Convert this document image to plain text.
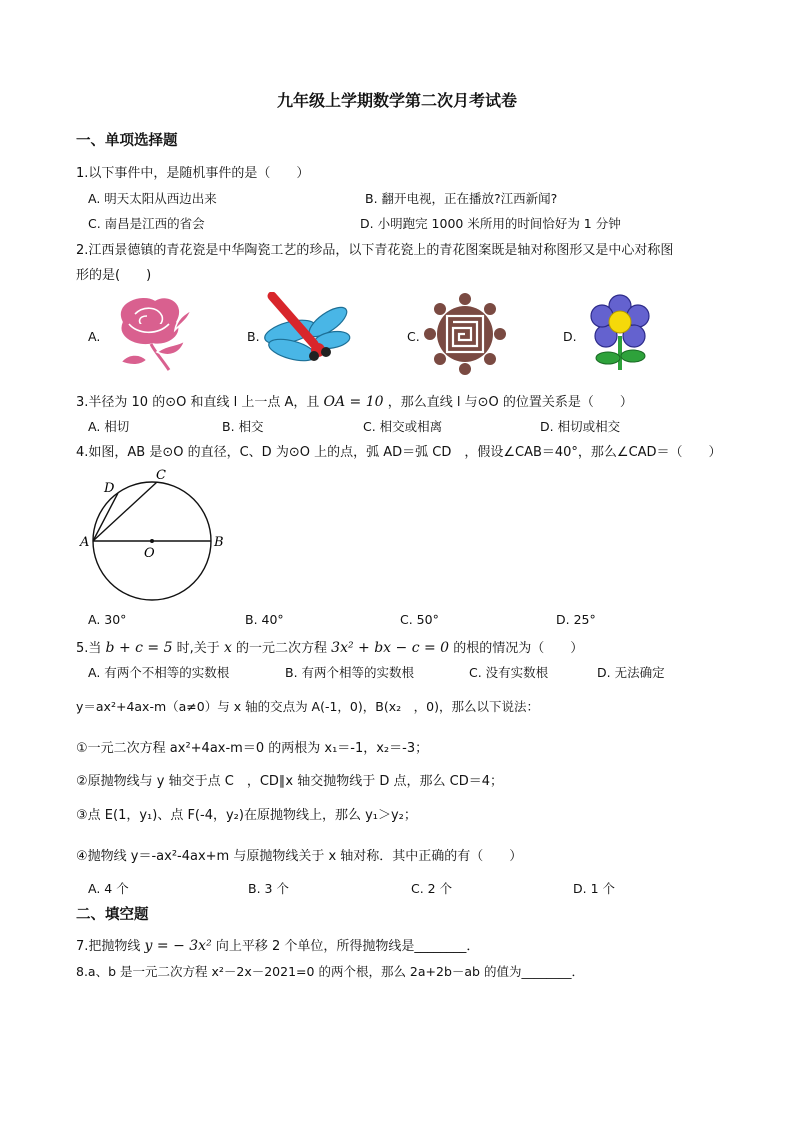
九年级上学期数学第二次月考试卷
一、单项选择题
1.以下事件中，是随机事件的是（　　）
A. 明天太阳从西边出来	B. 翻开电视，正在播放?江西新闻?
C. 南昌是江西的省会	D. 小明跑完 1000 米所用的时间恰好为 1 分钟
2.江西景德镇的青花瓷是中华陶瓷工艺的珍品，以下青花瓷上的青花图案既是轴对称图形又是中心对称图
形的是(　　)
A.	B.	C.	D.
3.半径为 10 的⊙O 和直线 l 上一点 A，且 OA = 10 ，那么直线 l 与⊙O 的位置关系是（　　）
A. 相切	B. 相交	C. 相交或相离	D. 相切或相交
4.如图，AB 是⊙O 的直径，C、D 为⊙O 上的点，弧 AD＝弧 CD　，假设∠CAB＝40°，那么∠CAD＝（　　）
A	B
C
D
O
A. 30°	B. 40°	C. 50°	D. 25°
5.当 b + c = 5 时,关于 x 的一元二次方程 3x² + bx − c = 0 的根的情况为（　　）
A. 有两个不相等的实数根	B. 有两个相等的实数根	C. 没有实数根	D. 无法确定
y＝ax²+4ax-m（a≠0）与 x 轴的交点为 A(-1，0)，B(x₂　，0)，那么以下说法：
①一元二次方程 ax²+4ax-m＝0 的两根为 x₁＝-1，x₂＝-3；
②原抛物线与 y 轴交于点 C　，CD∥x 轴交抛物线于 D 点，那么 CD＝4；
③点 E(1，y₁)、点 F(-4，y₂)在原抛物线上，那么 y₁＞y₂；
④抛物线 y＝-ax²-4ax+m 与原抛物线关于 x 轴对称．其中正确的有（　　）
A. 4 个	B. 3 个	C. 2 个	D. 1 个
二、填空题
7.把抛物线 y = − 3x² 向上平移 2 个单位，所得抛物线是________．
8.a、b 是一元二次方程 x²－2x－2021=0 的两个根，那么 2a+2b－ab 的值为________．
